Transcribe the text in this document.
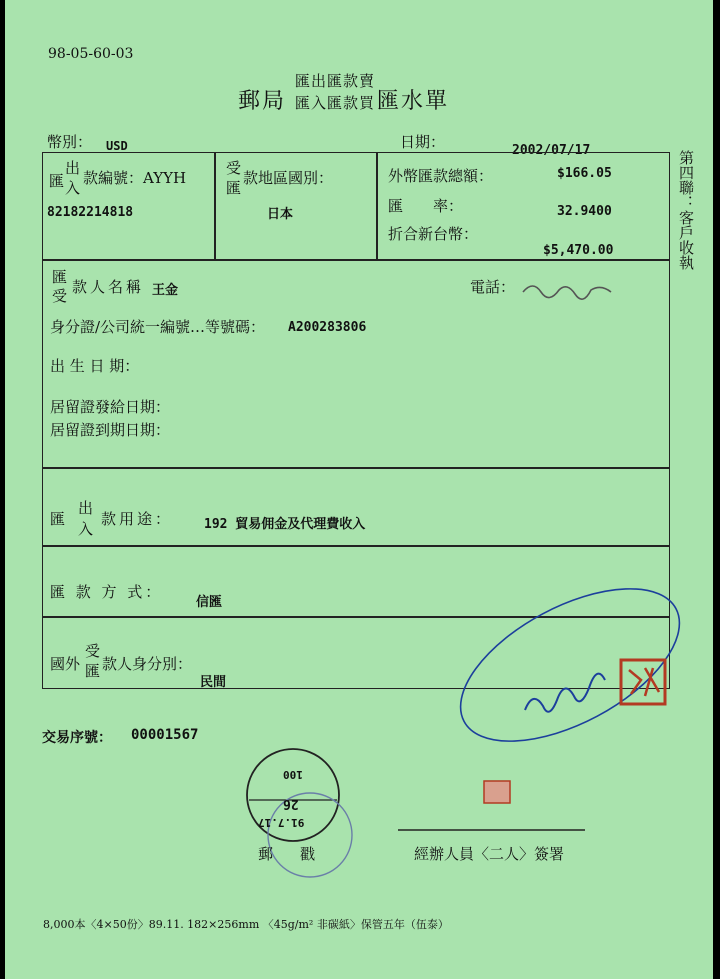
98-05-60-03
郵局
匯出匯款賣
匯入匯款買 匯水單
幣別： USD	日期：	2002/07/17	第四聯：客戶收執
匯
出
入
款編號：AYYH
82182214818
受
匯
款地區國別：
日本
外幣匯款總額：	$166.05
匯　　率：	32.9400
折合新台幣：
$5,470.00
匯
受 款人名稱 王金	電話：
身分證/公司統一編號…等號碼： A200283806
出 生 日 期：
居留證發給日期：
居留證到期日期：
匯
出
入
款用途： 192 貿易佣金及代理費收入
匯 款 方 式：
信匯
國外
受
匯 款人身分別：
民間
交易序號： 00001567
100
26
91.7.17
郵　戳	經辦人員〈二人〉簽署
8,000本〈4×50份〉89.11. 182×256mm 〈45g/m² 非碳紙〉保管五年（伍泰）
